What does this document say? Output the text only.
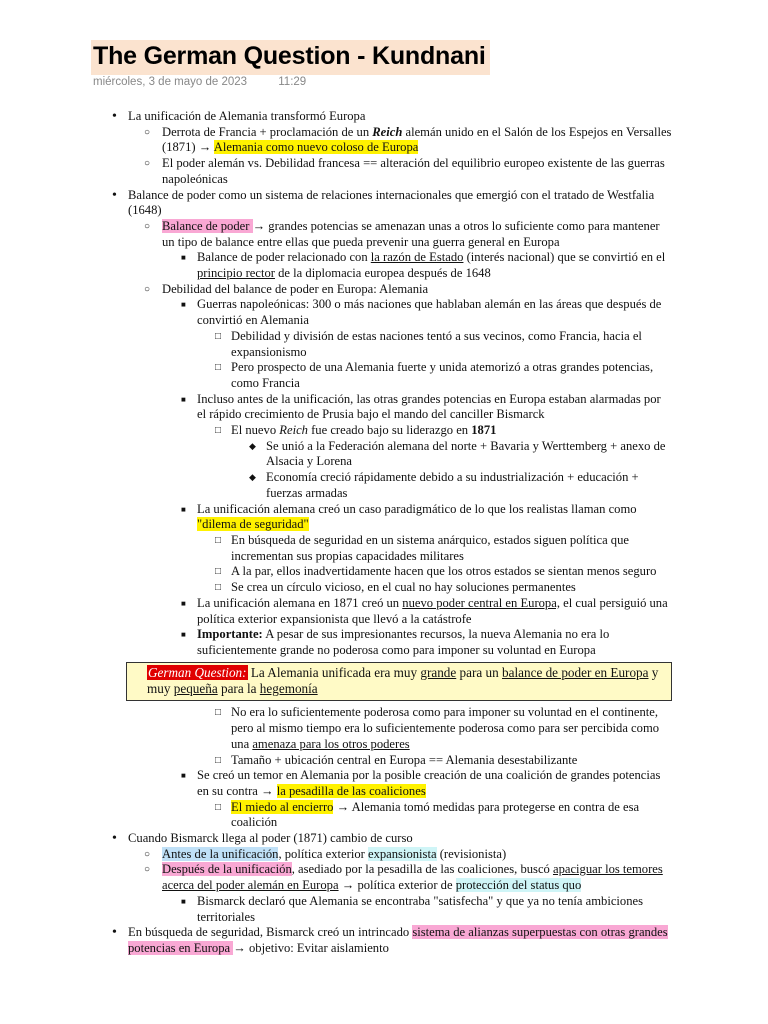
The German Question - Kundnani
miércoles, 3 de mayo de 2023	11:29
• La unificación de Alemania transformó Europa
○ Derrota de Francia + proclamación de un Reich alemán unido en el Salón de los Espejos en Versalles (1871) → Alemania como nuevo coloso de Europa
○ El poder alemán vs. Debilidad francesa == alteración del equilibrio europeo existente de las guerras napoleónicas
• Balance de poder como un sistema de relaciones internacionales que emergió con el tratado de Westfalia (1648)
○ Balance de poder → grandes potencias se amenazan unas a otros lo suficiente como para mantener un tipo de balance entre ellas que pueda prevenir una guerra general en Europa
■ Balance de poder relacionado con la razón de Estado (interés nacional) que se convirtió en el principio rector de la diplomacia europea después de 1648
○ Debilidad del balance de poder en Europa: Alemania
■ Guerras napoleónicas: 300 o más naciones que hablaban alemán en las áreas que después de convirtió en Alemania
□ Debilidad y división de estas naciones tentó a sus vecinos, como Francia, hacia el expansionismo
□ Pero prospecto de una Alemania fuerte y unida atemorizó a otras grandes potencias, como Francia
■ Incluso antes de la unificación, las otras grandes potencias en Europa estaban alarmadas por el rápido crecimiento de Prusia bajo el mando del canciller Bismarck
□ El nuevo Reich fue creado bajo su liderazgo en 1871
◆ Se unió a la Federación alemana del norte + Bavaria y Werttemberg + anexo de Alsacia y Lorena
◆ Economía creció rápidamente debido a su industrialización + educación + fuerzas armadas
■ La unificación alemana creó un caso paradigmático de lo que los realistas llaman como "dilema de seguridad"
□ En búsqueda de seguridad en un sistema anárquico, estados siguen política que incrementan sus propias capacidades militares
□ A la par, ellos inadvertidamente hacen que los otros estados se sientan menos seguro
□ Se crea un círculo vicioso, en el cual no hay soluciones permanentes
■ La unificación alemana en 1871 creó un nuevo poder central en Europa, el cual persiguió una política exterior expansionista que llevó a la catástrofe
■ Importante: A pesar de sus impresionantes recursos, la nueva Alemania no era lo suficientemente grande no poderosa como para imponer su voluntad en Europa
German Question: La Alemania unificada era muy grande para un balance de poder en Europa y muy pequeña para la hegemonía
□ No era lo suficientemente poderosa como para imponer su voluntad en el continente, pero al mismo tiempo era lo suficientemente poderosa como para ser percibida como una amenaza para los otros poderes
□ Tamaño + ubicación central en Europa == Alemania desestabilizante
■ Se creó un temor en Alemania por la posible creación de una coalición de grandes potencias en su contra → la pesadilla de las coaliciones
□ El miedo al encierro → Alemania tomó medidas para protegerse en contra de esa coalición
• Cuando Bismarck llega al poder (1871) cambio de curso
○ Antes de la unificación, política exterior expansionista (revisionista)
○ Después de la unificación, asediado por la pesadilla de las coaliciones, buscó apaciguar los temores acerca del poder alemán en Europa → política exterior de protección del status quo
■ Bismarck declaró que Alemania se encontraba "satisfecha" y que ya no tenía ambiciones territoriales
• En búsqueda de seguridad, Bismarck creó un intrincado sistema de alianzas superpuestas con otras grandes potencias en Europa → objetivo: Evitar aislamiento
